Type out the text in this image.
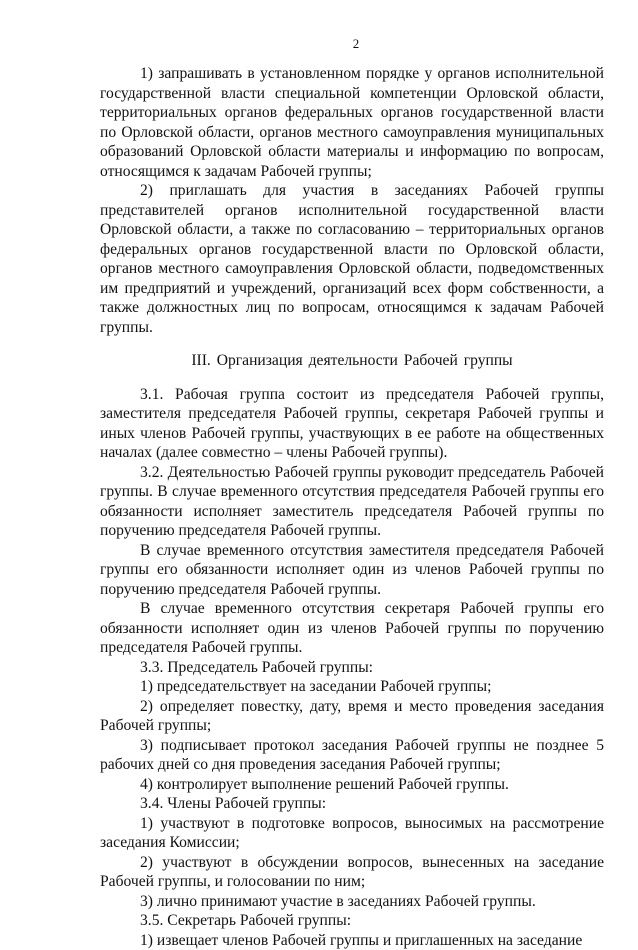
2

1) запрашивать в установленном порядке у органов исполнительной государственной власти специальной компетенции Орловской области, территориальных органов федеральных органов государственной власти по Орловской области, органов местного самоуправления муниципальных образований Орловской области материалы и информацию по вопросам, относящимся к задачам Рабочей группы;

2) приглашать для участия в заседаниях Рабочей группы представителей органов исполнительной государственной власти Орловской области, а также по согласованию – территориальных органов федеральных органов государственной власти по Орловской области, органов местного самоуправления Орловской области, подведомственных им предприятий и учреждений, организаций всех форм собственности, а также должностных лиц по вопросам, относящимся к задачам Рабочей группы.

III. Организация деятельности Рабочей группы

3.1. Рабочая группа состоит из председателя Рабочей группы, заместителя председателя Рабочей группы, секретаря Рабочей группы и иных членов Рабочей группы, участвующих в ее работе на общественных началах (далее совместно – члены Рабочей группы).

3.2. Деятельностью Рабочей группы руководит председатель Рабочей группы. В случае временного отсутствия председателя Рабочей группы его обязанности исполняет заместитель председателя Рабочей группы по поручению председателя Рабочей группы.

В случае временного отсутствия заместителя председателя Рабочей группы его обязанности исполняет один из членов Рабочей группы по поручению председателя Рабочей группы.

В случае временного отсутствия секретаря Рабочей группы его обязанности исполняет один из членов Рабочей группы по поручению председателя Рабочей группы.

3.3. Председатель Рабочей группы:

1) председательствует на заседании Рабочей группы;

2) определяет повестку, дату, время и место проведения заседания Рабочей группы;

3) подписывает протокол заседания Рабочей группы не позднее 5 рабочих дней со дня проведения заседания Рабочей группы;

4) контролирует выполнение решений Рабочей группы.

3.4. Члены Рабочей группы:

1) участвуют в подготовке вопросов, выносимых на рассмотрение заседания Комиссии;

2) участвуют в обсуждении вопросов, вынесенных на заседание Рабочей группы, и голосовании по ним;

3) лично принимают участие в заседаниях Рабочей группы.

3.5. Секретарь Рабочей группы:

1) извещает членов Рабочей группы и приглашенных на заседание
